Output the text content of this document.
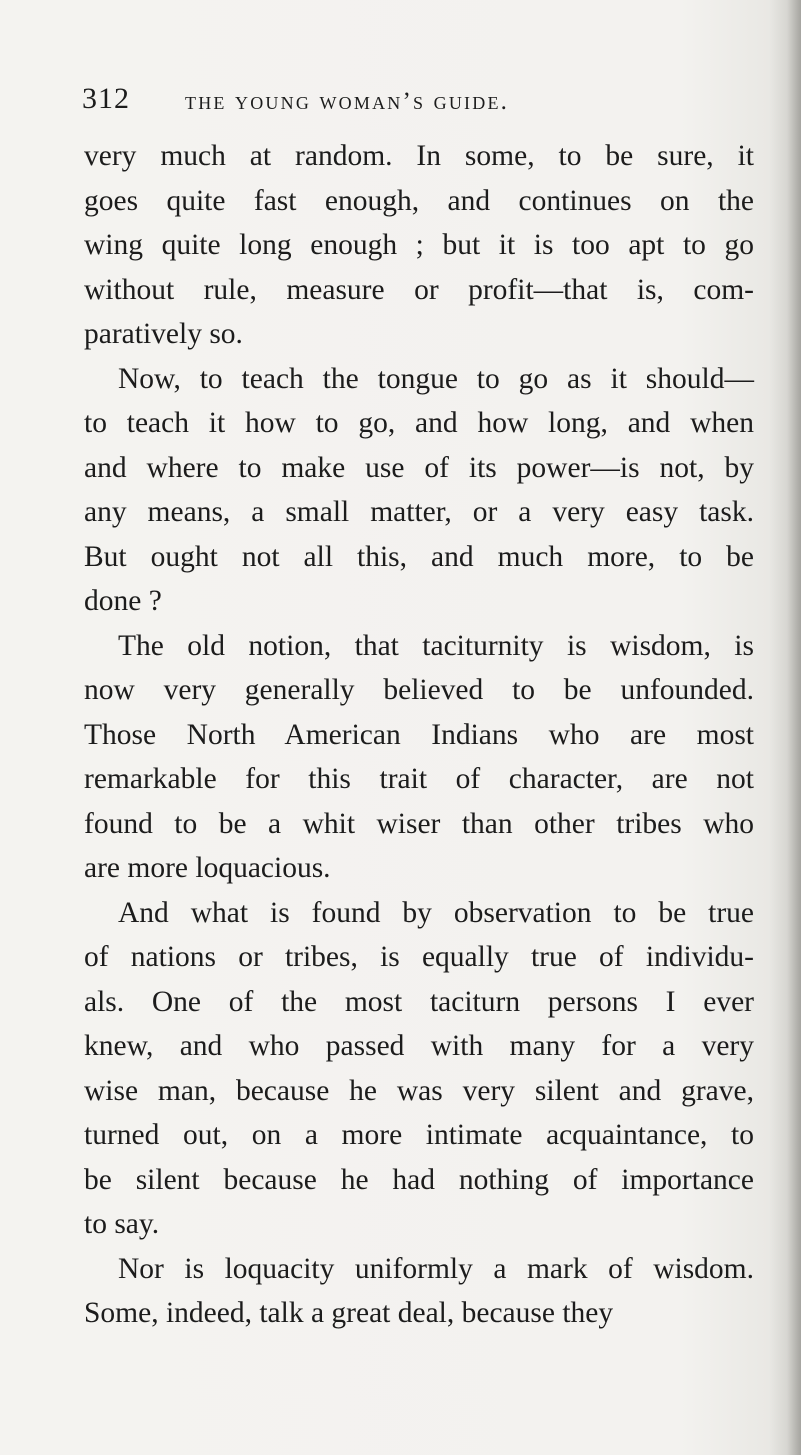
312 the young woman’s guide.
very much at random. In some, to be sure, it
goes quite fast enough, and continues on the
wing quite long enough ; but it is too apt to go
without rule, measure or profit—that is, com-
paratively so.
Now, to teach the tongue to go as it should—
to teach it how to go, and how long, and when
and where to make use of its power—is not, by
any means, a small matter, or a very easy task.
But ought not all this, and much more, to be
done ?
The old notion, that taciturnity is wisdom, is
now very generally believed to be unfounded.
Those North American Indians who are most
remarkable for this trait of character, are not
found to be a whit wiser than other tribes who
are more loquacious.
And what is found by observation to be true
of nations or tribes, is equally true of individu-
als. One of the most taciturn persons I ever
knew, and who passed with many for a very
wise man, because he was very silent and grave,
turned out, on a more intimate acquaintance, to
be silent because he had nothing of importance
to say.
Nor is loquacity uniformly a mark of wisdom.
Some, indeed, talk a great deal, because they
